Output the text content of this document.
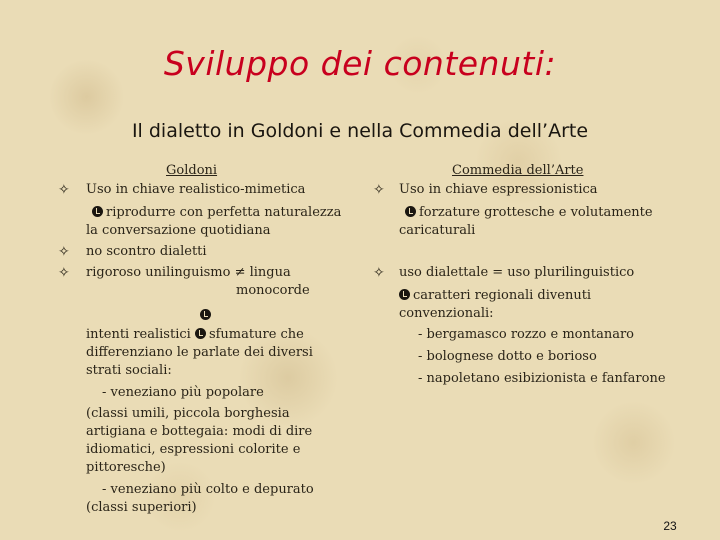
Sviluppo dei contenuti:
Il dialetto in Goldoni e nella Commedia dell’Arte
Goldoni
✧ Uso in chiave realistico-mimetica
riprodurre con perfetta naturalezza
la conversazione quotidiana
✧ no scontro dialetti
✧ rigoroso unilinguismo ≠ lingua
monocorde
intenti realistici sfumature che
differenziano le parlate dei diversi
strati sociali:
- veneziano più popolare
(classi umili, piccola borghesia
artigiana e bottegaia: modi di dire
idiomatici, espressioni colorite e
pittoresche)
- veneziano più colto e depurato
(classi superiori)
Commedia dell’Arte
✧ Uso in chiave espressionistica
forzature grottesche e volutamente
caricaturali
✧ uso dialettale = uso plurilinguistico
caratteri regionali divenuti
convenzionali:
- bergamasco rozzo e montanaro
- bolognese dotto e borioso
- napoletano esibizionista e fanfarone
23
